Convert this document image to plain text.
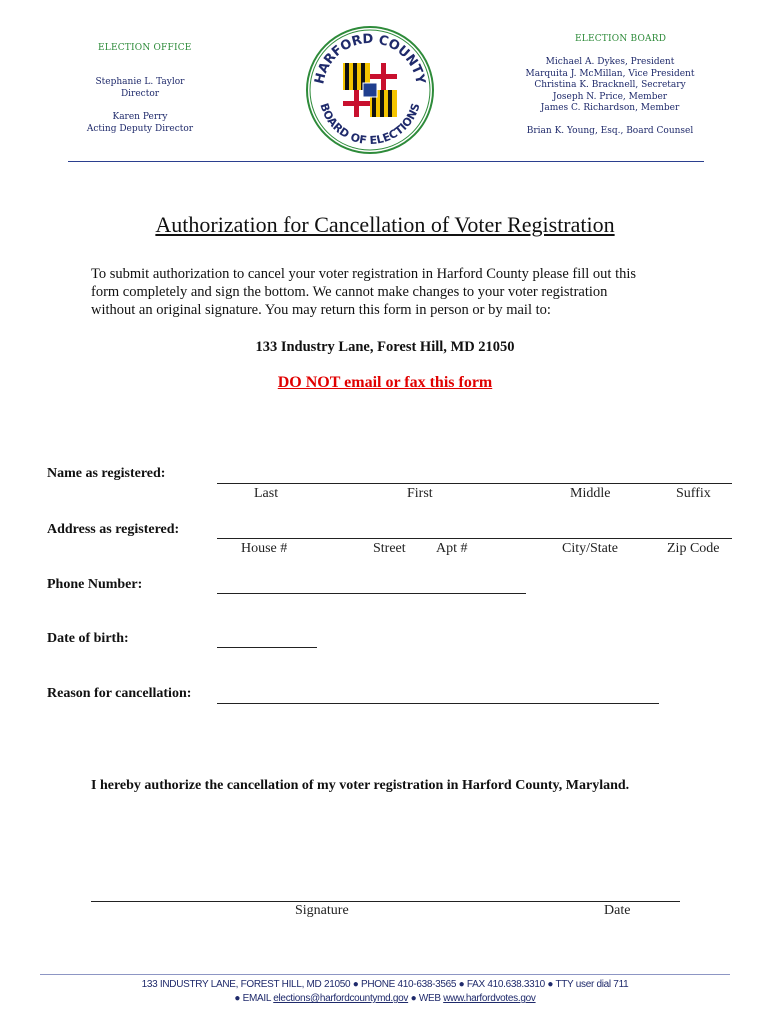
ELECTION OFFICE
Stephanie L. Taylor
Director
Karen Perry
Acting Deputy Director
HARFORD COUNTY
BOARD OF ELECTIONS
ELECTION BOARD
Michael A. Dykes, President
Marquita J. McMillan, Vice President
Christina K. Bracknell, Secretary
Joseph N. Price, Member
James C. Richardson, Member
Brian K. Young, Esq., Board Counsel
Authorization for Cancellation of Voter Registration
To submit authorization to cancel your voter registration in Harford County please fill out this
form completely and sign the bottom. We cannot make changes to your voter registration
without an original signature. You may return this form in person or by mail to:
133 Industry Lane, Forest Hill, MD 21050
DO NOT email or fax this form
Name as registered:
Last	First	Middle	Suffix
Address as registered:
House #	Street Apt #	City/State	Zip Code
Phone Number:
Date of birth:
Reason for cancellation:
I hereby authorize the cancellation of my voter registration in Harford County, Maryland.
Signature	Date
133 INDUSTRY LANE, FOREST HILL, MD 21050 ● PHONE 410-638-3565 ● FAX 410.638.3310 ● TTY user dial 711
● EMAIL elections@harfordcountymd.gov ● WEB www.harfordvotes.gov
